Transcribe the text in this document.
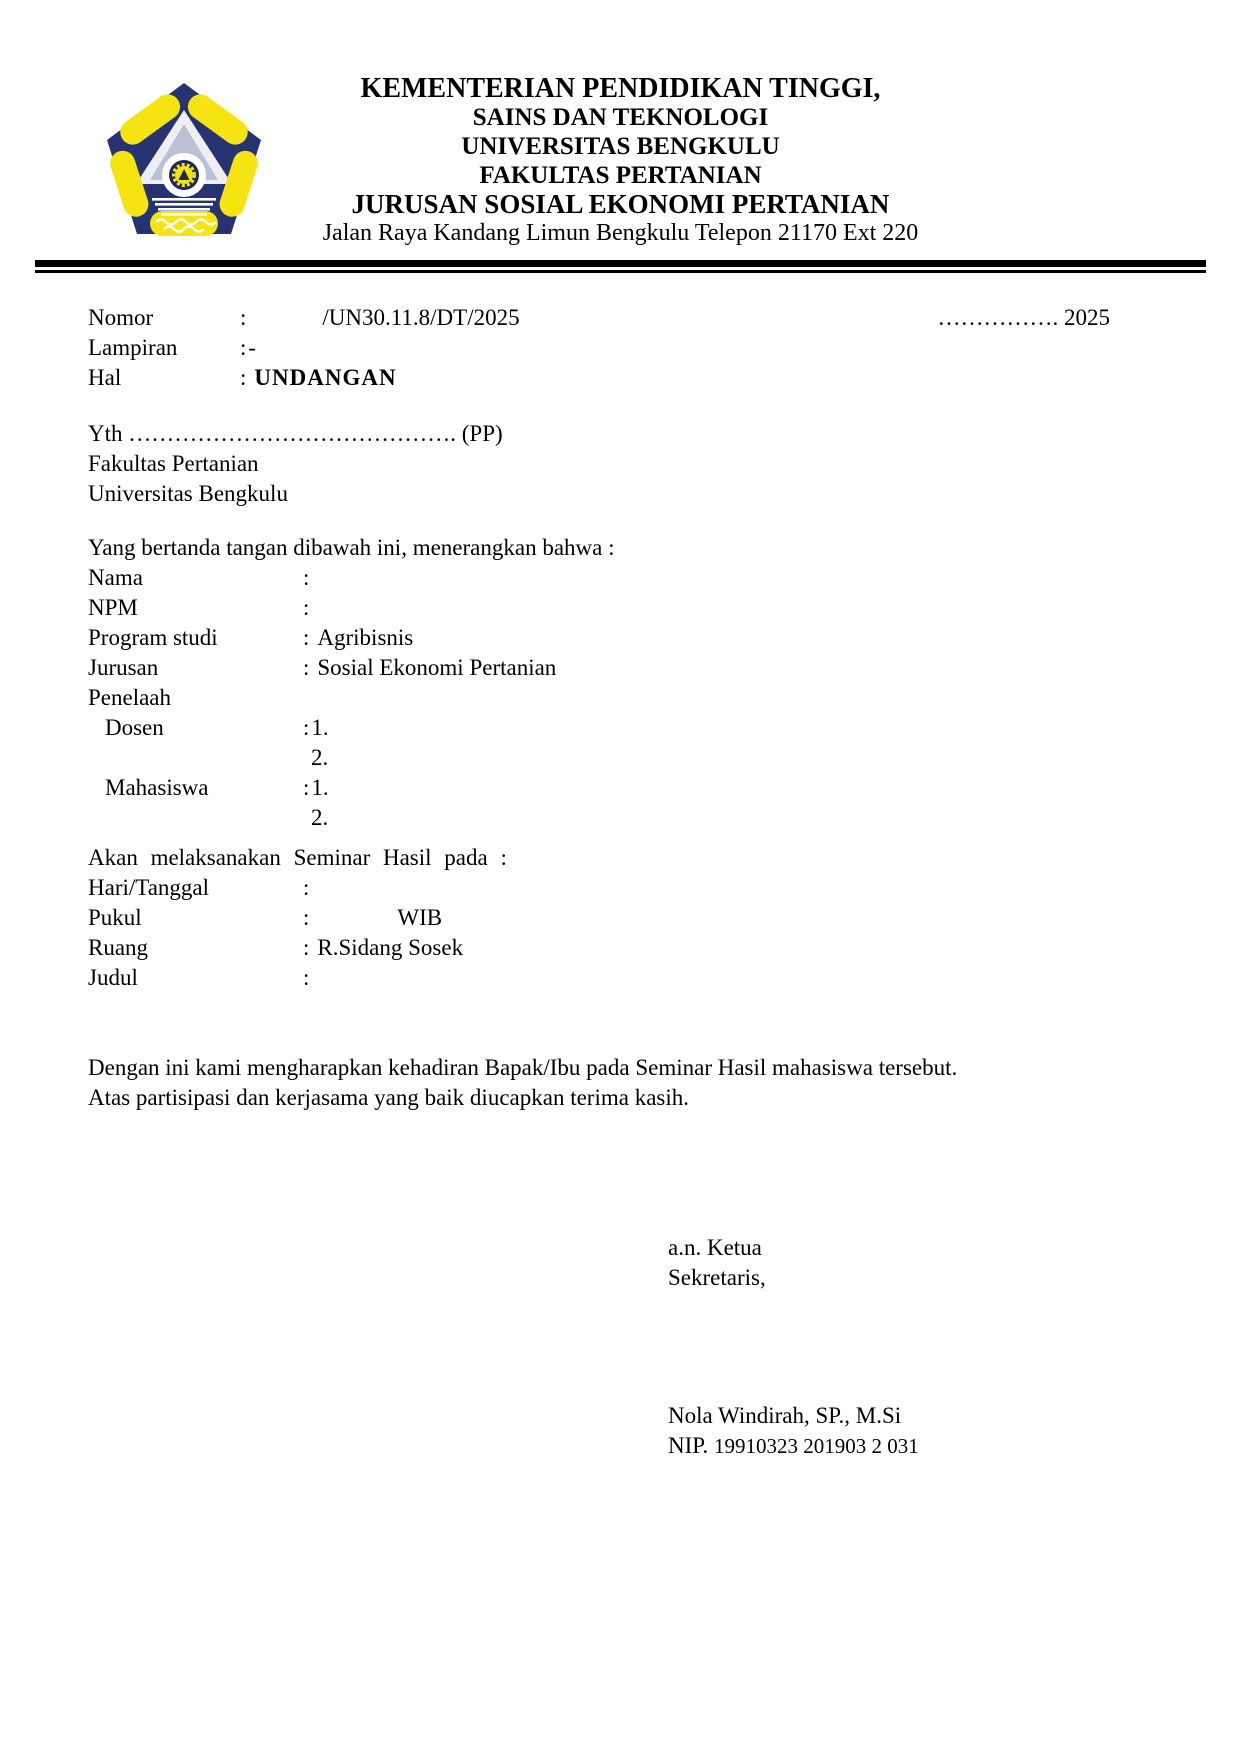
KEMENTERIAN PENDIDIKAN TINGGI,
SAINS DAN TEKNOLOGI
UNIVERSITAS BENGKULU
FAKULTAS PERTANIAN
JURUSAN SOSIAL EKONOMI PERTANIAN
Jalan Raya Kandang Limun Bengkulu Telepon 21170 Ext 220
Nomor	:	/UN30.11.8/DT/2025	……………. 2025
Lampiran	: -
Hal	: UNDANGAN
Yth ……………………………………. (PP)
Fakultas Pertanian
Universitas Bengkulu
Yang bertanda tangan dibawah ini, menerangkan bahwa :
Nama	:
NPM	:
Program studi	: Agribisnis
Jurusan	: Sosial Ekonomi Pertanian
Penelaah
Dosen	: 1.
2.
Mahasiswa	: 1.
2.
Akan melaksanakan Seminar Hasil pada :
Hari/Tanggal	:
Pukul	:	WIB
Ruang	: R.Sidang Sosek
Judul	:
Dengan ini kami mengharapkan kehadiran Bapak/Ibu pada Seminar Hasil mahasiswa tersebut.
Atas partisipasi dan kerjasama yang baik diucapkan terima kasih.
a.n. Ketua
Sekretaris,
Nola Windirah, SP., M.Si
NIP. 19910323 201903 2 031
